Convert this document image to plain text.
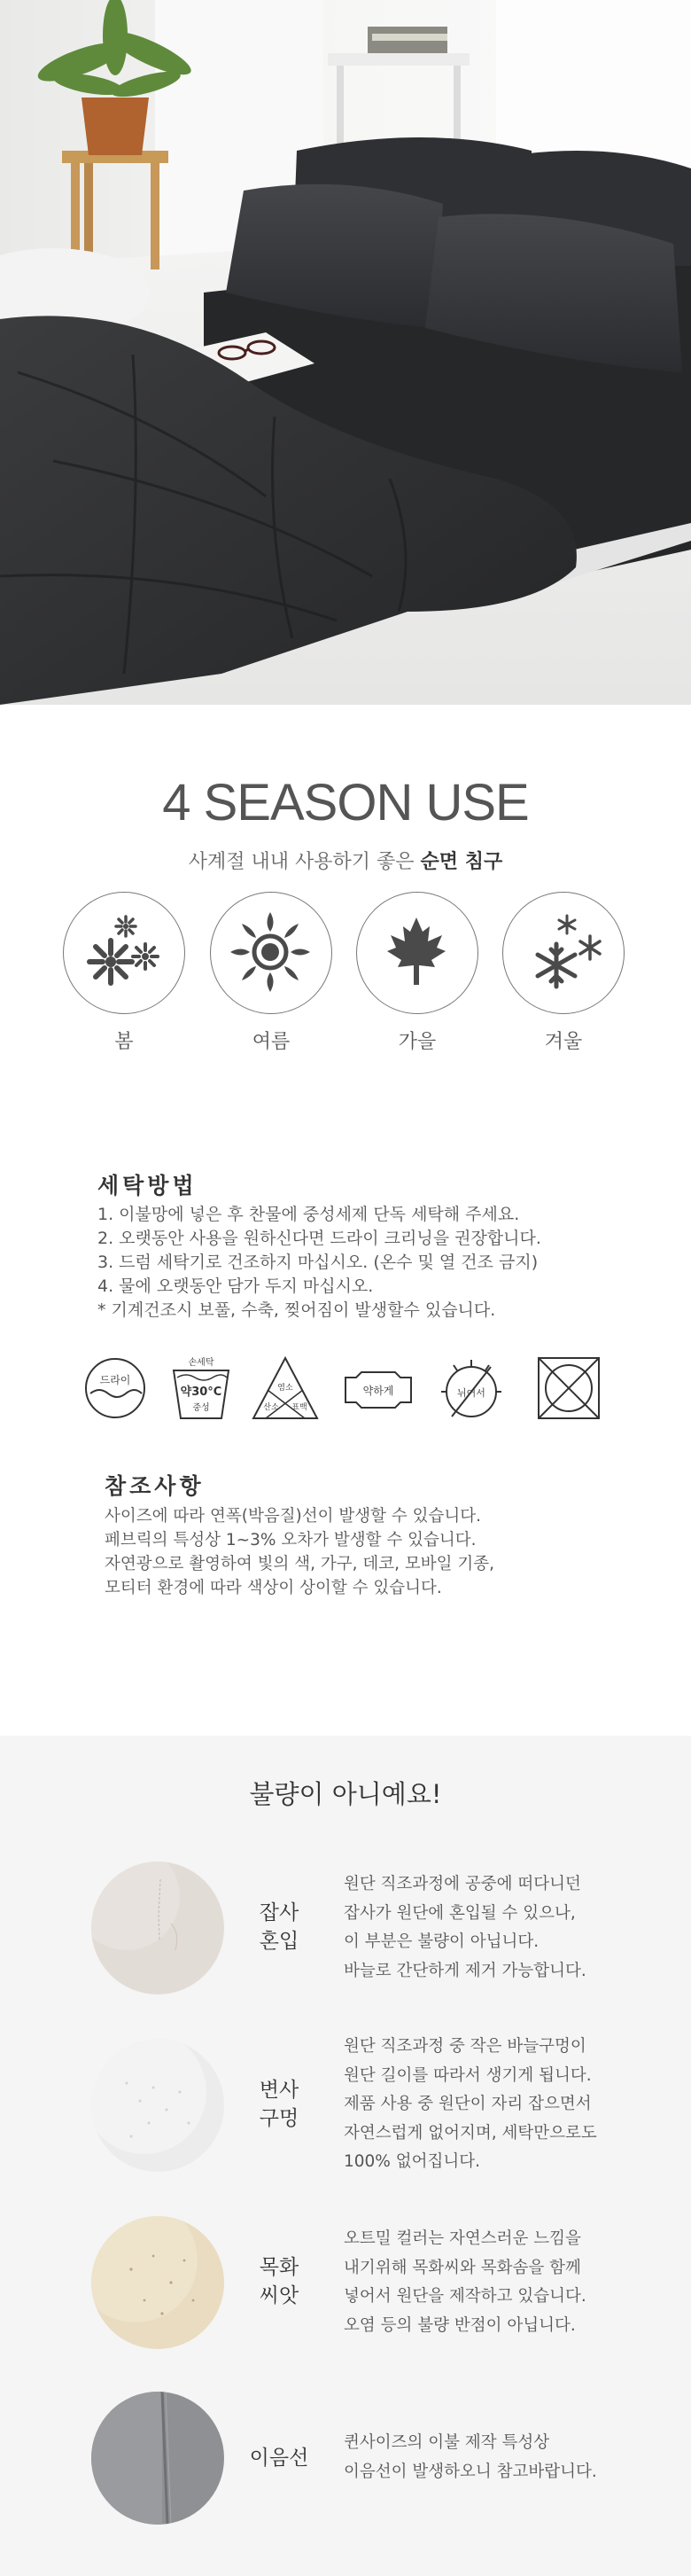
4 SEASON USE
사계절 내내 사용하기 좋은 순면 침구
봄	여름	가을	겨울
세탁방법
1. 이불망에 넣은 후 찬물에 중성세제 단독 세탁해 주세요.
2. 오랫동안 사용을 원하신다면 드라이 크리닝을 권장합니다.
3. 드럼 세탁기로 건조하지 마십시오. (온수 및 열 건조 금지)
4. 물에 오랫동안 담가 두지 마십시오.
* 기계건조시 보풀, 수축, 찢어짐이 발생할수 있습니다.
드라이
손세탁
약30°C
중성
염소
산소 표백
약하게	뉘어서
참조사항
사이즈에 따라 연폭(박음질)선이 발생할 수 있습니다.
페브릭의 특성상 1~3% 오차가 발생할 수 있습니다.
자연광으로 촬영하여 빛의 색, 가구, 데코, 모바일 기종,
모티터 환경에 따라 색상이 상이할 수 있습니다.
불량이 아니예요!
잡사
혼입
원단 직조과정에 공중에 떠다니던
잡사가 원단에 혼입될 수 있으나,
이 부분은 불량이 아닙니다.
바늘로 간단하게 제거 가능합니다.
변사
구멍
원단 직조과정 중 작은 바늘구멍이
원단 길이를 따라서 생기게 됩니다.
제품 사용 중 원단이 자리 잡으면서
자연스럽게 없어지며, 세탁만으로도
100% 없어집니다.
목화
씨앗
오트밀 컬러는 자연스러운 느낌을
내기위해 목화씨와 목화솜을 함께
넣어서 원단을 제작하고 있습니다.
오염 등의 불량 반점이 아닙니다.
이음선
퀸사이즈의 이불 제작 특성상
이음선이 발생하오니 참고바랍니다.
